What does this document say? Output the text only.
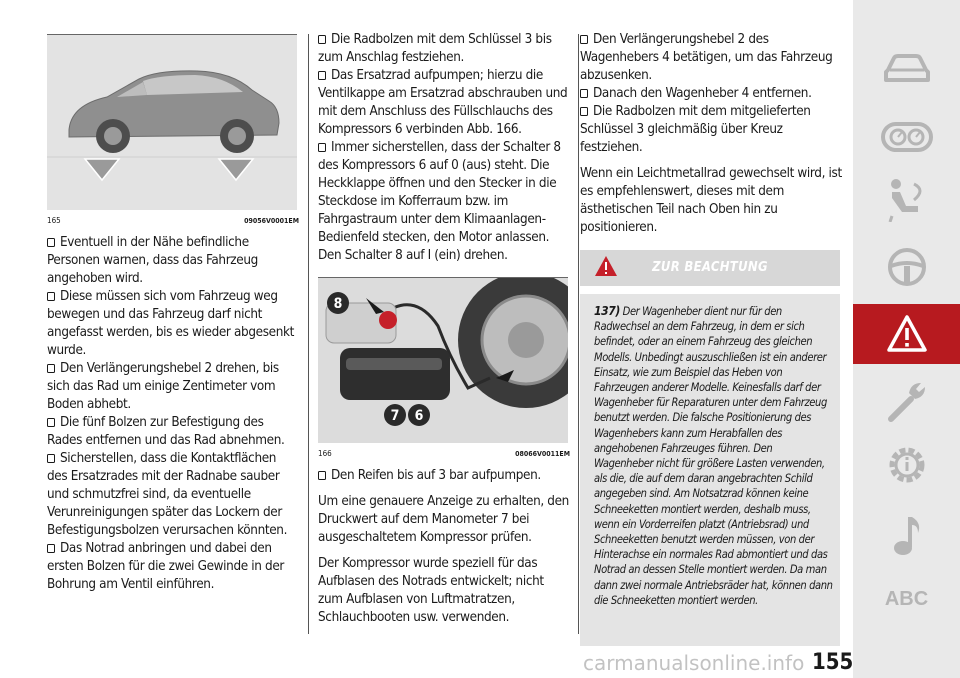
165	09056V0001EM

Eventuell in der Nähe befindliche Personen warnen, dass das Fahrzeug angehoben wird.

Diese müssen sich vom Fahrzeug weg bewegen und das Fahrzeug darf nicht angefasst werden, bis es wieder abgesenkt wurde.

Den Verlängerungshebel 2 drehen, bis sich das Rad um einige Zentimeter vom Boden abhebt.

Die fünf Bolzen zur Befestigung des Rades entfernen und das Rad abnehmen.

Sicherstellen, dass die Kontaktflächen des Ersatzrades mit der Radnabe sauber und schmutzfrei sind, da eventuelle Verunreinigungen später das Lockern der Befestigungsbolzen verursachen könnten.

Das Notrad anbringen und dabei den ersten Bolzen für die zwei Gewinde in der Bohrung am Ventil einführen.

Die Radbolzen mit dem Schlüssel 3 bis zum Anschlag festziehen.

Das Ersatzrad aufpumpen; hierzu die Ventilkappe am Ersatzrad abschrauben und mit dem Anschluss des Füllschlauchs des Kompressors 6 verbinden Abb. 166.

Immer sicherstellen, dass der Schalter 8 des Kompressors 6 auf 0 (aus) steht. Die Heckklappe öffnen und den Stecker in die Steckdose im Kofferraum bzw. im Fahrgastraum unter dem Klimaanlagen-Bedienfeld stecken, den Motor anlassen. Den Schalter 8 auf I (ein) drehen.

8
7 6
166	08066V0011EM

Den Reifen bis auf 3 bar aufpumpen.

Um eine genauere Anzeige zu erhalten, den Druckwert auf dem Manometer 7 bei ausgeschaltetem Kompressor prüfen.

Der Kompressor wurde speziell für das Aufblasen des Notrads entwickelt; nicht zum Aufblasen von Luftmatratzen, Schlauchbooten usw. verwenden.

Den Verlängerungshebel 2 des Wagenhebers 4 betätigen, um das Fahrzeug abzusenken.

Danach den Wagenheber 4 entfernen.

Die Radbolzen mit dem mitgelieferten Schlüssel 3 gleichmäßig über Kreuz festziehen.

Wenn ein Leichtmetallrad gewechselt wird, ist es empfehlenswert, dieses mit dem ästhetischen Teil nach Oben hin zu positionieren.

ZUR BEACHTUNG
137) Der Wagenheber dient nur für den Radwechsel an dem Fahrzeug, in dem er sich befindet, oder an einem Fahrzeug des gleichen Modells. Unbedingt auszuschließen ist ein anderer Einsatz, wie zum Beispiel das Heben von Fahrzeugen anderer Modelle. Keinesfalls darf der Wagenheber für Reparaturen unter dem Fahrzeug benutzt werden. Die falsche Positionierung des Wagenhebers kann zum Herabfallen des angehobenen Fahrzeuges führen. Den Wagenheber nicht für größere Lasten verwenden, als die, die auf dem daran angebrachten Schild angegeben sind. Am Notsatzrad können keine Schneeketten montiert werden, deshalb muss, wenn ein Vorderreifen platzt (Antriebsrad) und Schneeketten benutzt werden müssen, von der Hinterachse ein normales Rad abmontiert und das Notrad an dessen Stelle montiert werden. Da man dann zwei normale Antriebsräder hat, können dann die Schneeketten montiert werden.	ABC
carmanualsonline.info 155
